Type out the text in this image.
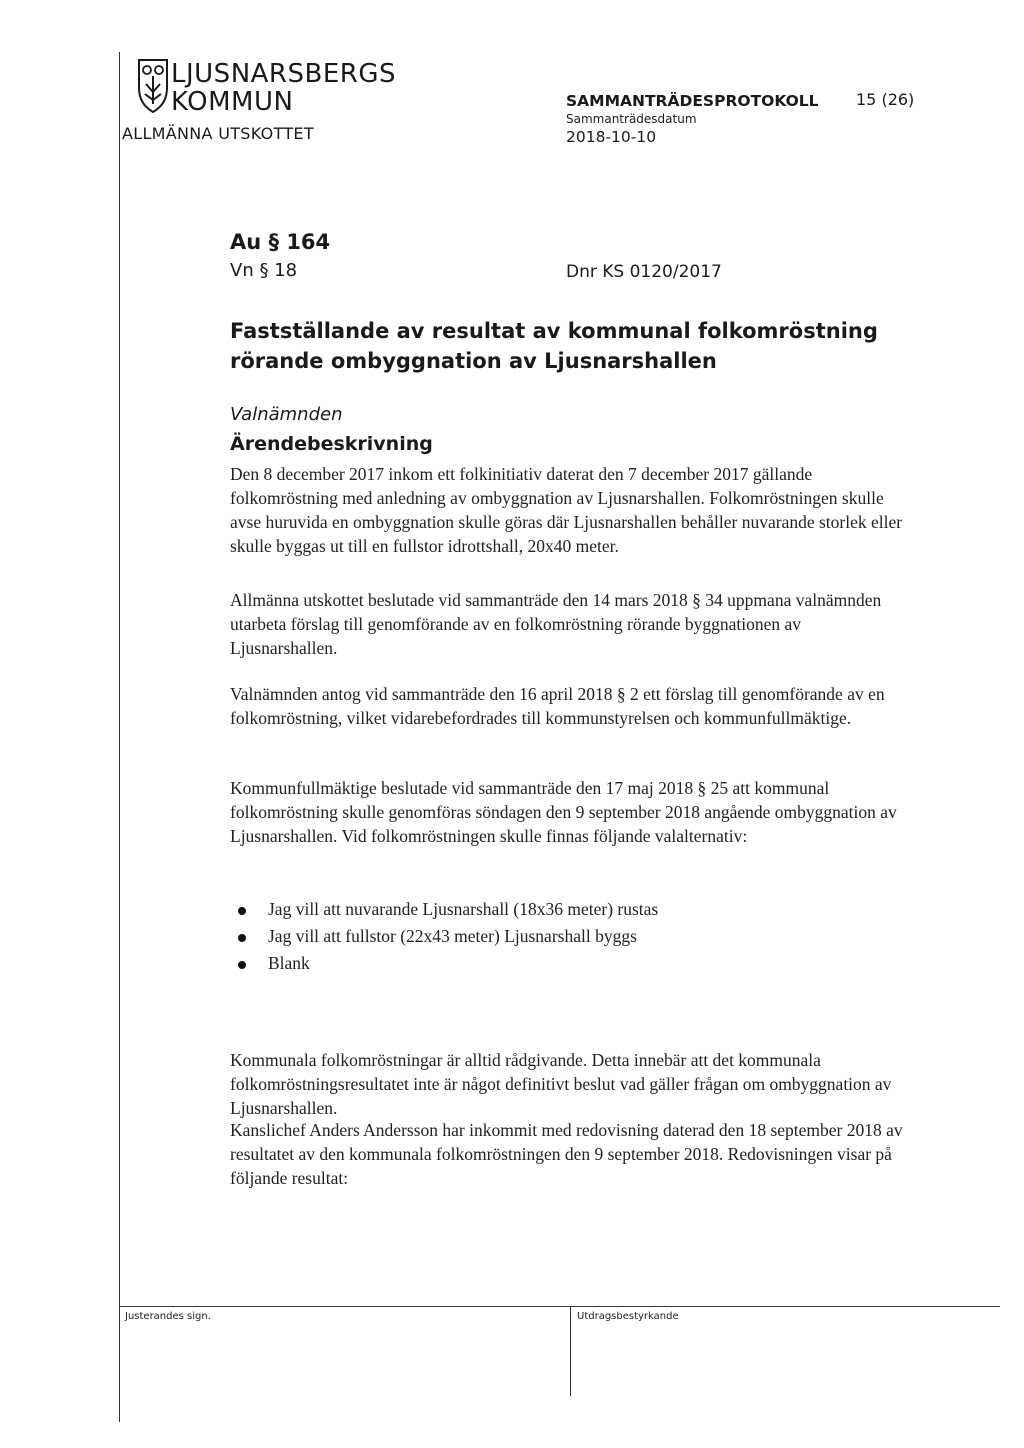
LJUSNARSBERGS
KOMMUN
ALLMÄNNA UTSKOTTET
SAMMANTRÄDESPROTOKOLL 15 (26)
Sammanträdesdatum
2018-10-10
Au § 164
Vn § 18	Dnr KS 0120/2017
Fastställande av resultat av kommunal folkomröstning rörande ombyggnation av Ljusnarshallen
Valnämnden
Ärendebeskrivning

Den 8 december 2017 inkom ett folkinitiativ daterat den 7 december 2017 gällande folkomröstning med anledning av ombyggnation av Ljusnarshallen. Folkomröstningen skulle avse huruvida en ombyggnation skulle göras där Ljusnarshallen behåller nuvarande storlek eller skulle byggas ut till en fullstor idrottshall, 20x40 meter.

Allmänna utskottet beslutade vid sammanträde den 14 mars 2018 § 34 uppmana valnämnden utarbeta förslag till genomförande av en folkomröstning rörande byggnationen av Ljusnarshallen.

Valnämnden antog vid sammanträde den 16 april 2018 § 2 ett förslag till genomförande av en folkomröstning, vilket vidarebefordrades till kommunstyrelsen och kommunfullmäktige.

Kommunfullmäktige beslutade vid sammanträde den 17 maj 2018 § 25 att kommunal folkomröstning skulle genomföras söndagen den 9 september 2018 angående ombyggnation av Ljusnarshallen. Vid folkomröstningen skulle finnas följande valalternativ:

Jag vill att nuvarande Ljusnarshall (18x36 meter) rustas
Jag vill att fullstor (22x43 meter) Ljusnarshall byggs
Blank

Kommunala folkomröstningar är alltid rådgivande. Detta innebär att det kommunala folkomröstningsresultatet inte är något definitivt beslut vad gäller frågan om ombyggnation av Ljusnarshallen.

Kanslichef Anders Andersson har inkommit med redovisning daterad den 18 september 2018 av resultatet av den kommunala folkomröstningen den 9 september 2018. Redovisningen visar på följande resultat:

Justerandes sign.	Utdragsbestyrkande
